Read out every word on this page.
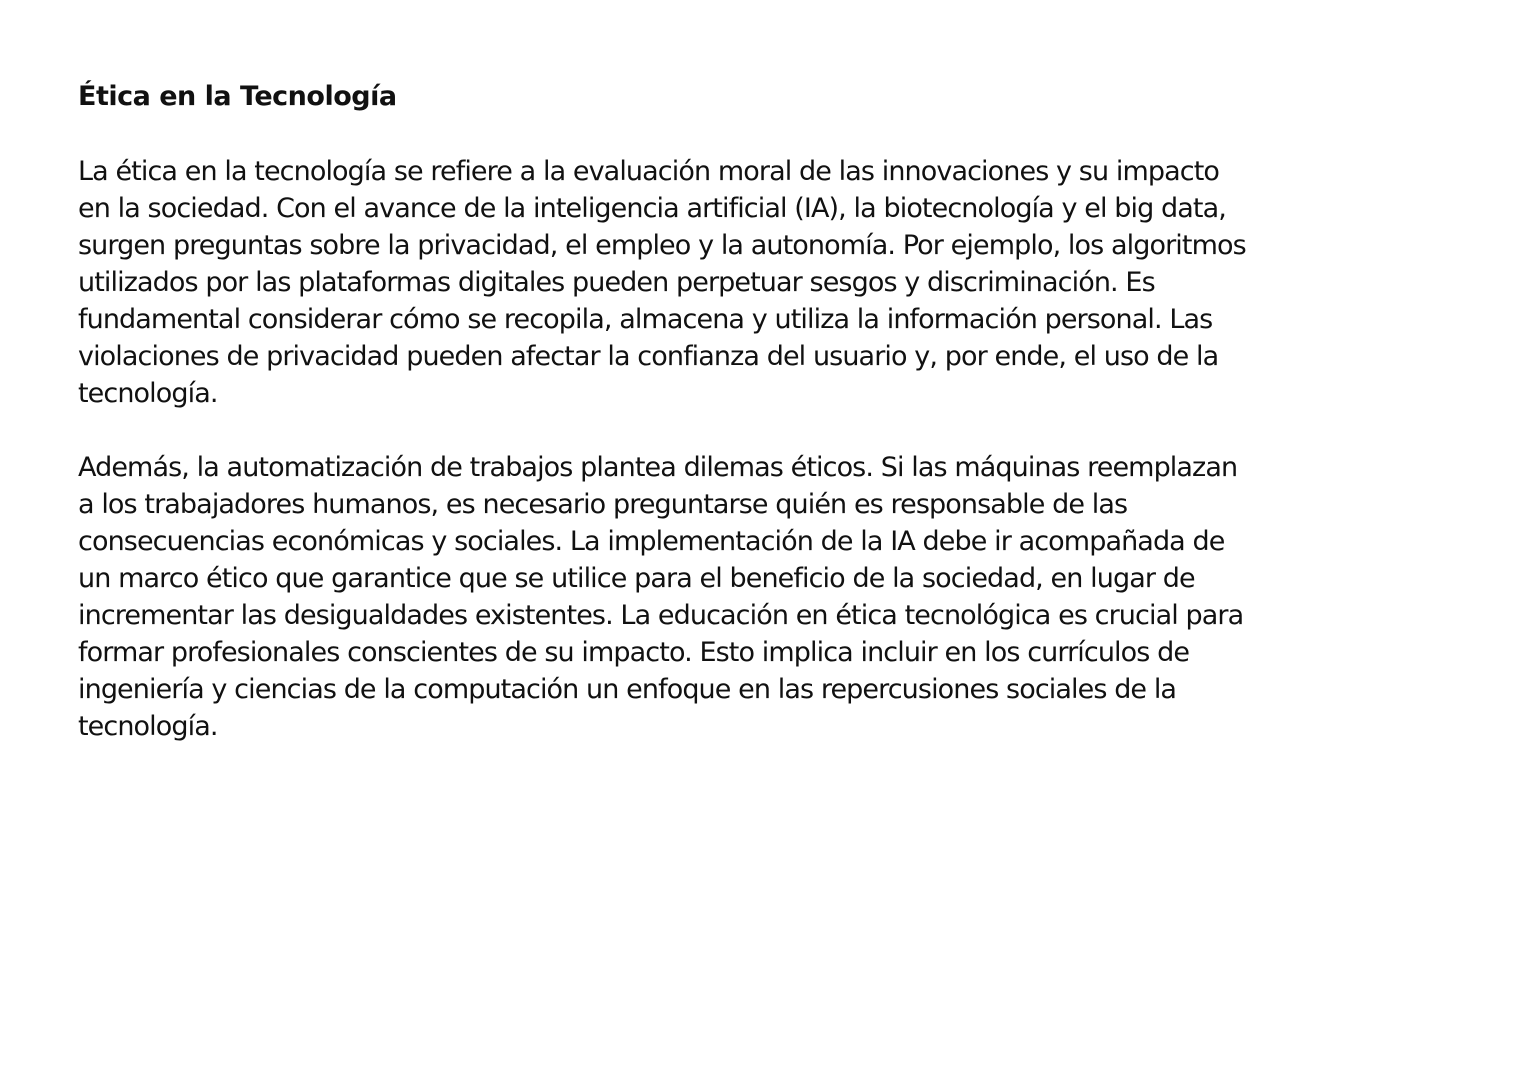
Ética en la Tecnología

La ética en la tecnología se refiere a la evaluación moral de las innovaciones y su impacto
en la sociedad. Con el avance de la inteligencia artificial (IA), la biotecnología y el big data,
surgen preguntas sobre la privacidad, el empleo y la autonomía. Por ejemplo, los algoritmos
utilizados por las plataformas digitales pueden perpetuar sesgos y discriminación. Es
fundamental considerar cómo se recopila, almacena y utiliza la información personal. Las
violaciones de privacidad pueden afectar la confianza del usuario y, por ende, el uso de la
tecnología.

Además, la automatización de trabajos plantea dilemas éticos. Si las máquinas reemplazan
a los trabajadores humanos, es necesario preguntarse quién es responsable de las
consecuencias económicas y sociales. La implementación de la IA debe ir acompañada de
un marco ético que garantice que se utilice para el beneficio de la sociedad, en lugar de
incrementar las desigualdades existentes. La educación en ética tecnológica es crucial para
formar profesionales conscientes de su impacto. Esto implica incluir en los currículos de
ingeniería y ciencias de la computación un enfoque en las repercusiones sociales de la
tecnología.
